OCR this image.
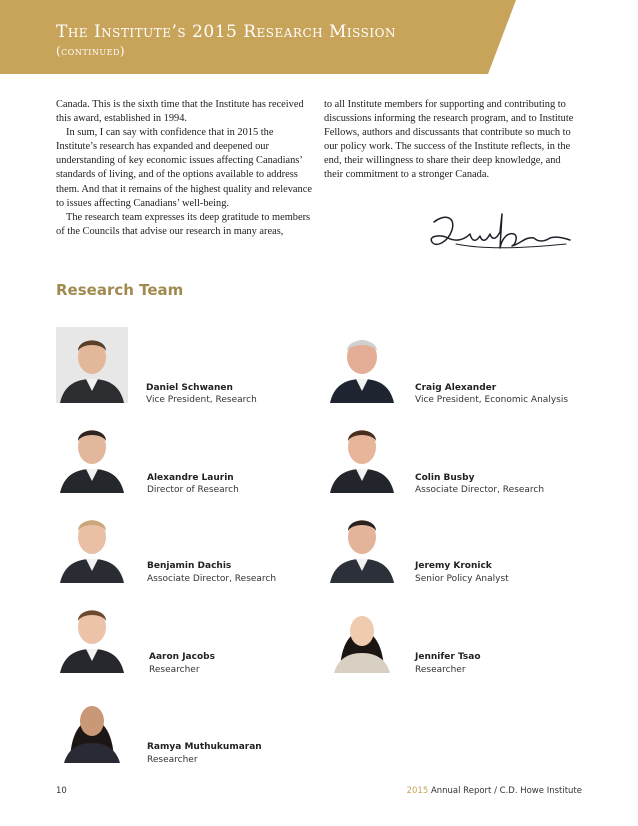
The Institute’s 2015 Research Mission
(continued)

Canada. This is the sixth time that the Institute has received this award, established in 1994.

In sum, I can say with confidence that in 2015 the Institute’s research has expanded and deepened our understanding of key economic issues affecting Canadians’ standards of living, and of the options available to address them. And that it remains of the highest quality and relevance to issues affecting Canadians’ well-being.

The research team expresses its deep gratitude to members of the Councils that advise our research in many areas,

to all Institute members for supporting and contributing to discussions informing the research program, and to Institute Fellows, authors and discussants that contribute so much to our policy work. The success of the Institute reflects, in the end, their willingness to share their deep knowledge, and their commitment to a stronger Canada.

Research Team
Daniel Schwanen
Vice President, Research
Craig Alexander
Vice President, Economic Analysis
Alexandre Laurin
Director of Research
Colin Busby
Associate Director, Research
Benjamin Dachis
Associate Director, Research
Jeremy Kronick
Senior Policy Analyst
Aaron Jacobs
Researcher
Jennifer Tsao
Researcher
Ramya Muthukumaran
Researcher
10	2015 Annual Report / C.D. Howe Institute
